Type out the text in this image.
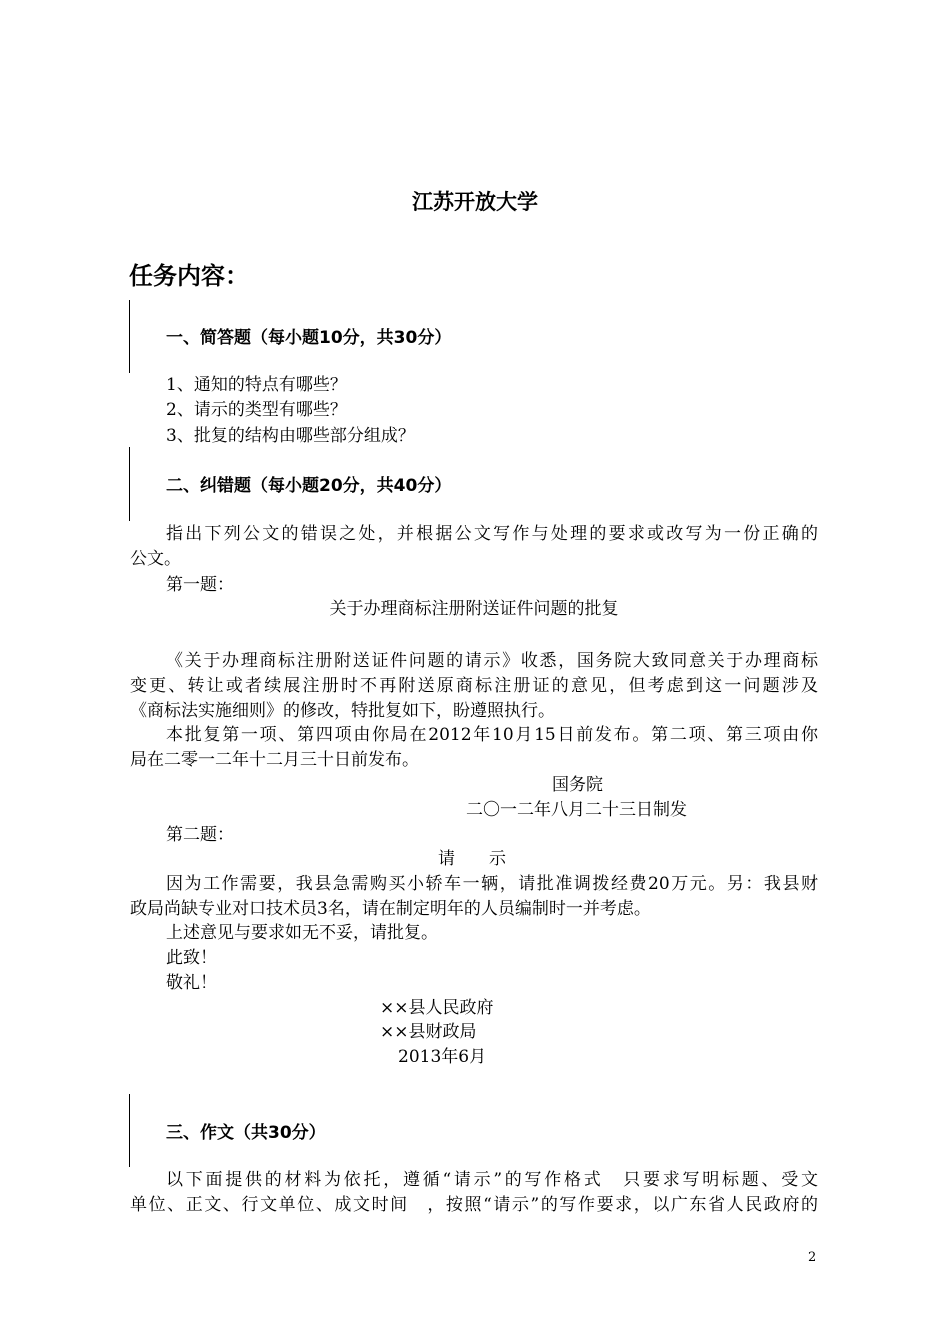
江苏开放大学
任务内容：
一、简答题（每小题10分，共30分）
1、通知的特点有哪些？
2、请示的类型有哪些？
3、批复的结构由哪些部分组成？
二、纠错题（每小题20分，共40分）
指出下列公文的错误之处，并根据公文写作与处理的要求或改写为一份正确的
公文。
第一题：
关于办理商标注册附送证件问题的批复
《关于办理商标注册附送证件问题的请示》收悉，国务院大致同意关于办理商标
变更、转让或者续展注册时不再附送原商标注册证的意见，但考虑到这一问题涉及
《商标法实施细则》的修改，特批复如下，盼遵照执行。
本批复第一项、第四项由你局在2012年10月15日前发布。第二项、第三项由你
局在二零一二年十二月三十日前发布。
国务院
二〇一二年八月二十三日制发
第二题：
请　　示
因为工作需要，我县急需购买小轿车一辆，请批准调拨经费20万元。另：我县财
政局尚缺专业对口技术员3名，请在制定明年的人员编制时一并考虑。
上述意见与要求如无不妥，请批复。
此致！
敬礼！
××县人民政府
××县财政局
2013年6月
三、作文（共30分）
以下面提供的材料为依托，遵循“请示”的写作格式　只要求写明标题、受文
单位、正文、行文单位、成文时间　，按照“请示”的写作要求，以广东省人民政府的
2
